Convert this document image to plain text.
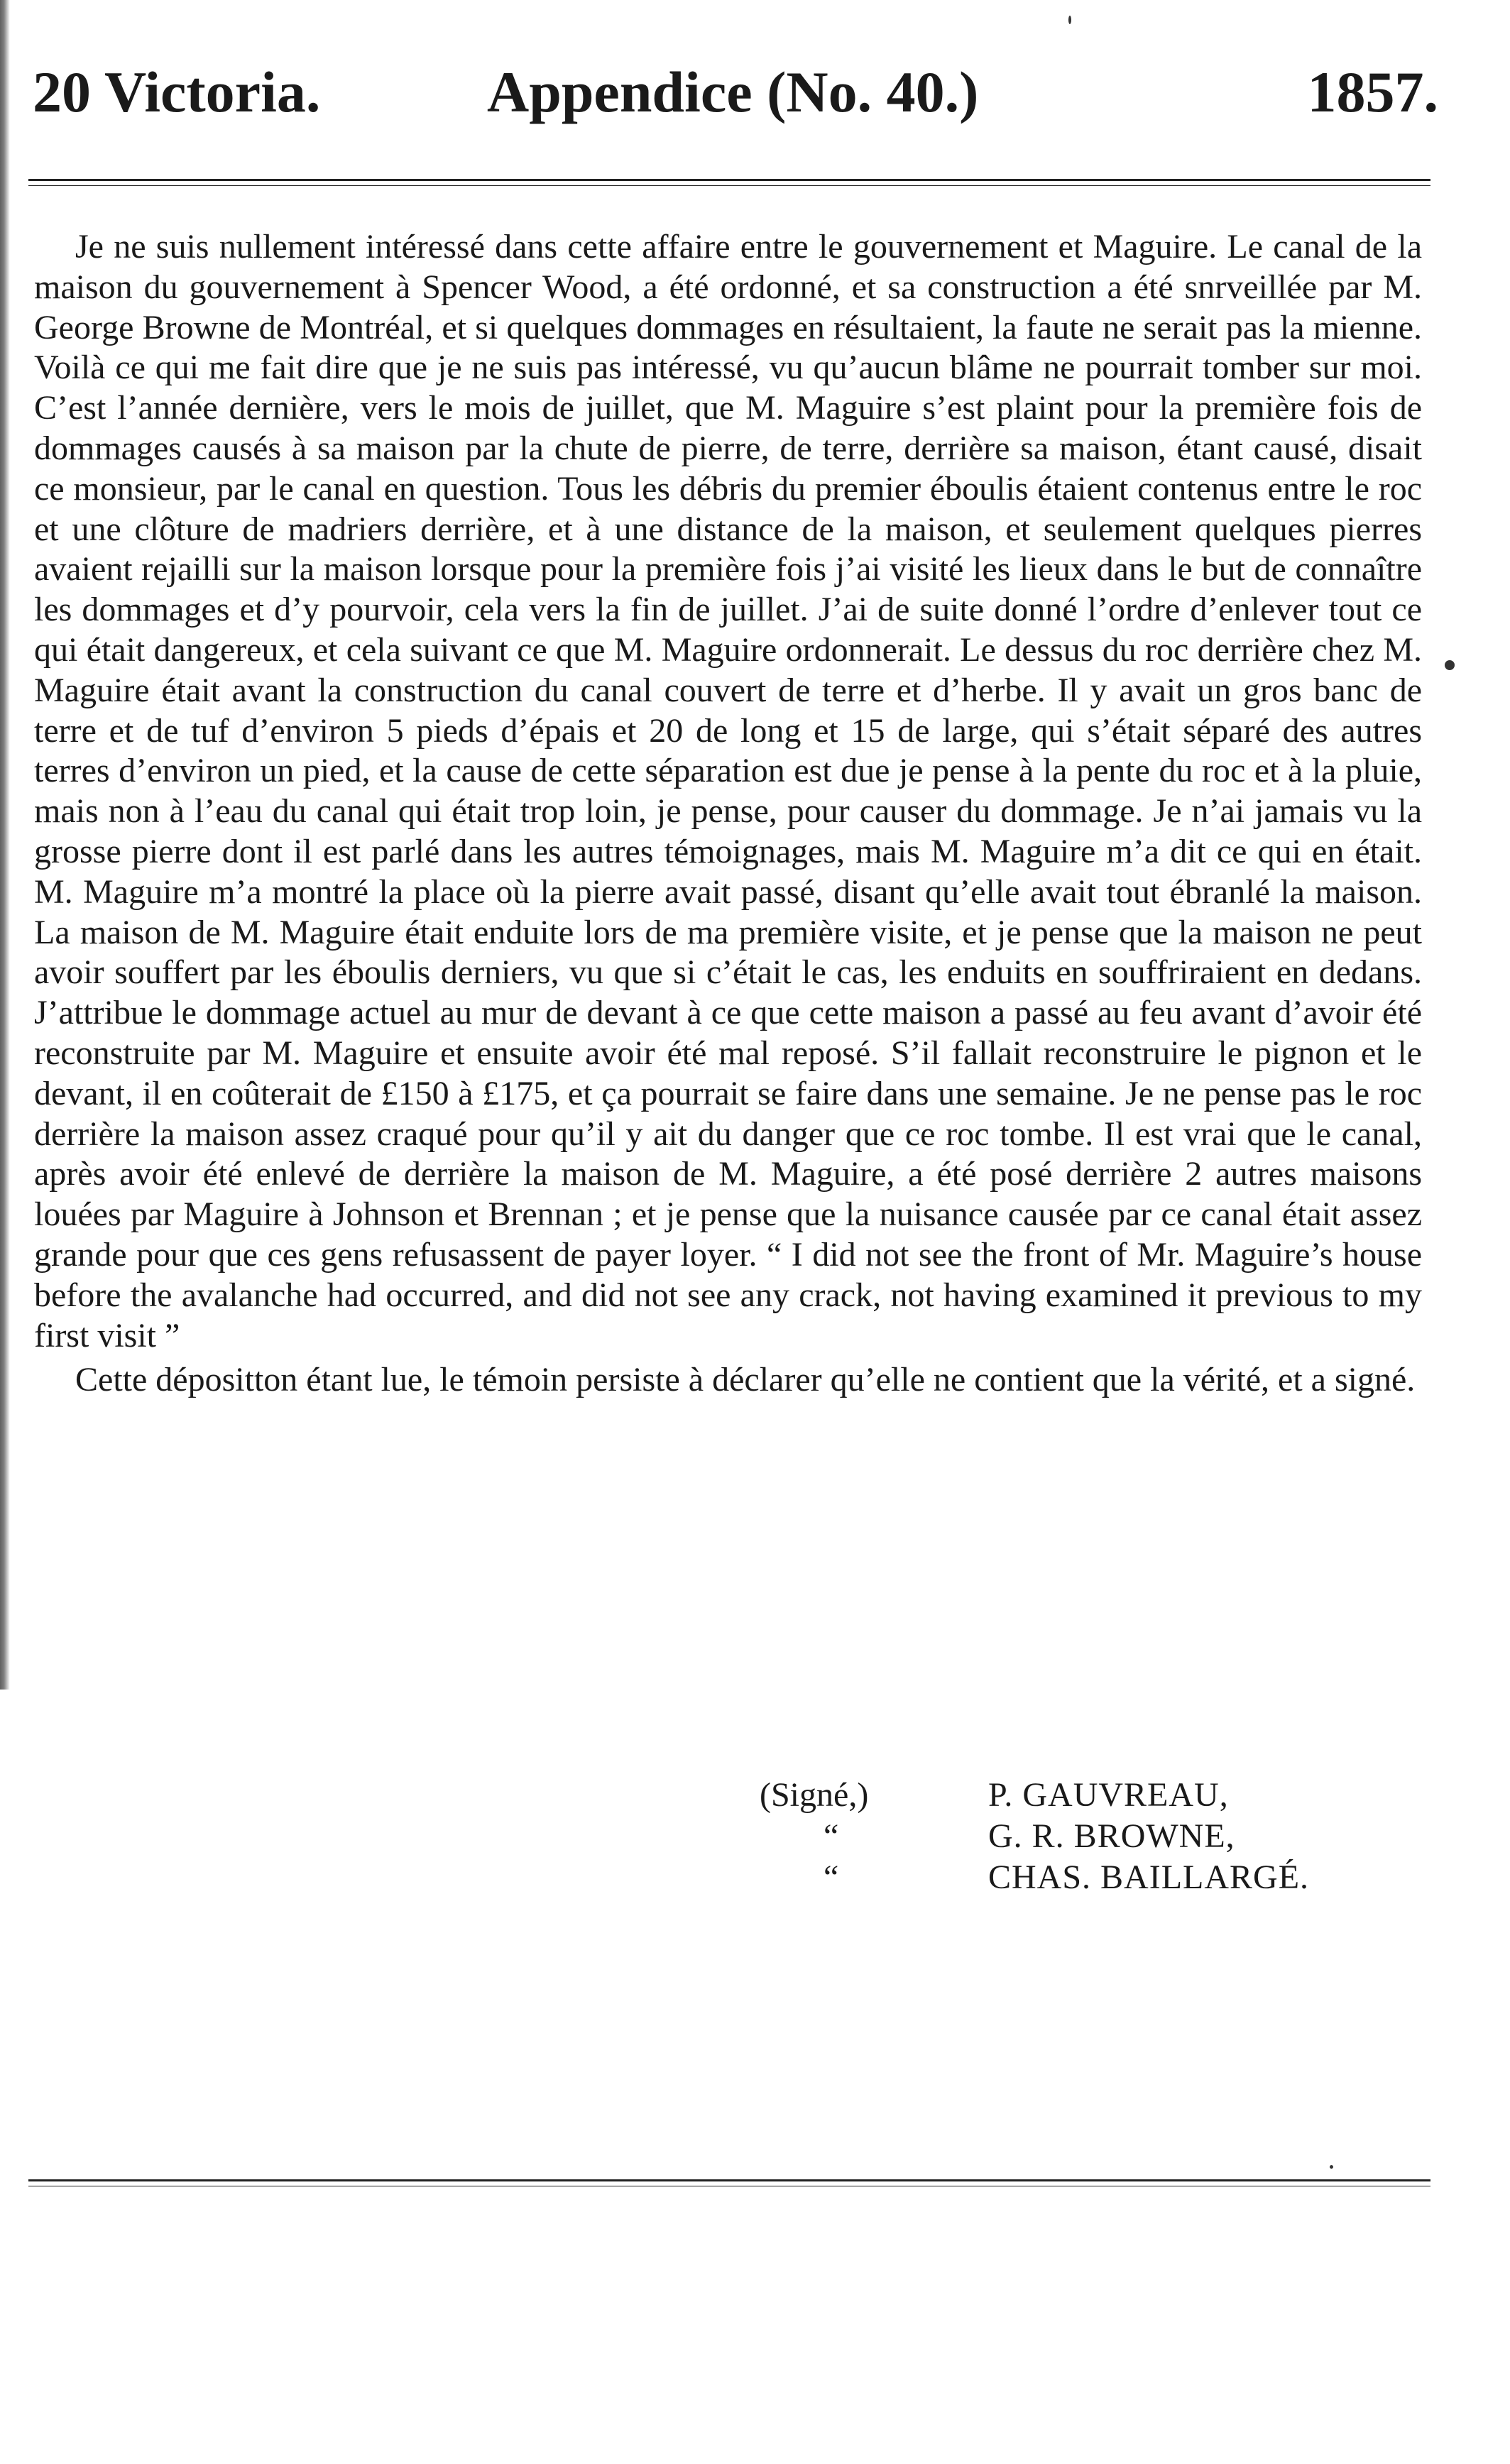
20 Victoria.	Appendice (No. 40.)	1857.

Je ne suis nullement intéressé dans cette affaire entre le gouvernement et Maguire. Le canal de la maison du gouvernement à Spencer Wood, a été ordonné, et sa construction a été snrveillée par M. George Browne de Montréal, et si quelques dommages en résultaient, la faute ne serait pas la mienne. Voilà ce qui me fait dire que je ne suis pas intéressé, vu qu’aucun blâme ne pourrait tomber sur moi. C’est l’année dernière, vers le mois de juillet, que M. Maguire s’est plaint pour la première fois de dommages causés à sa maison par la chute de pierre, de terre, derrière sa maison, étant causé, disait ce monsieur, par le canal en question. Tous les débris du premier éboulis étaient contenus entre le roc et une clôture de madriers derrière, et à une distance de la maison, et seulement quelques pierres avaient rejailli sur la maison lorsque pour la première fois j’ai visité les lieux dans le but de connaître les dommages et d’y pourvoir, cela vers la fin de juillet. J’ai de suite donné l’ordre d’enlever tout ce qui était dangereux, et cela suivant ce que M. Maguire ordonnerait. Le dessus du roc derrière chez M. Maguire était avant la construction du canal couvert de terre et d’herbe. Il y avait un gros banc de terre et de tuf d’environ 5 pieds d’épais et 20 de long et 15 de large, qui s’était séparé des autres terres d’environ un pied, et la cause de cette séparation est due je pense à la pente du roc et à la pluie, mais non à l’eau du canal qui était trop loin, je pense, pour causer du dommage. Je n’ai jamais vu la grosse pierre dont il est parlé dans les autres témoignages, mais M. Maguire m’a dit ce qui en était. M. Maguire m’a montré la place où la pierre avait passé, disant qu’elle avait tout ébranlé la maison. La maison de M. Maguire était enduite lors de ma première visite, et je pense que la maison ne peut avoir souffert par les éboulis derniers, vu que si c’était le cas, les enduits en souffriraient en dedans. J’attribue le dommage actuel au mur de devant à ce que cette maison a passé au feu avant d’avoir été reconstruite par M. Maguire et ensuite avoir été mal reposé. S’il fallait reconstruire le pignon et le devant, il en coûterait de £150 à £175, et ça pourrait se faire dans une semaine. Je ne pense pas le roc derrière la maison assez craqué pour qu’il y ait du danger que ce roc tombe. Il est vrai que le canal, après avoir été enlevé de derrière la maison de M. Maguire, a été posé derrière 2 autres maisons louées par Maguire à Johnson et Brennan ; et je pense que la nuisance causée par ce canal était assez grande pour que ces gens refusassent de payer loyer. “ I did not see the front of Mr. Maguire’s house before the avalanche had occurred, and did not see any crack, not having examined it previous to my first visit ”

Cette dépositton étant lue, le témoin persiste à déclarer qu’elle ne contient que la vérité, et a signé.

(Signé,)	P. GAUVREAU,
“	G. R. BROWNE,
“	CHAS. BAILLARGÉ.
